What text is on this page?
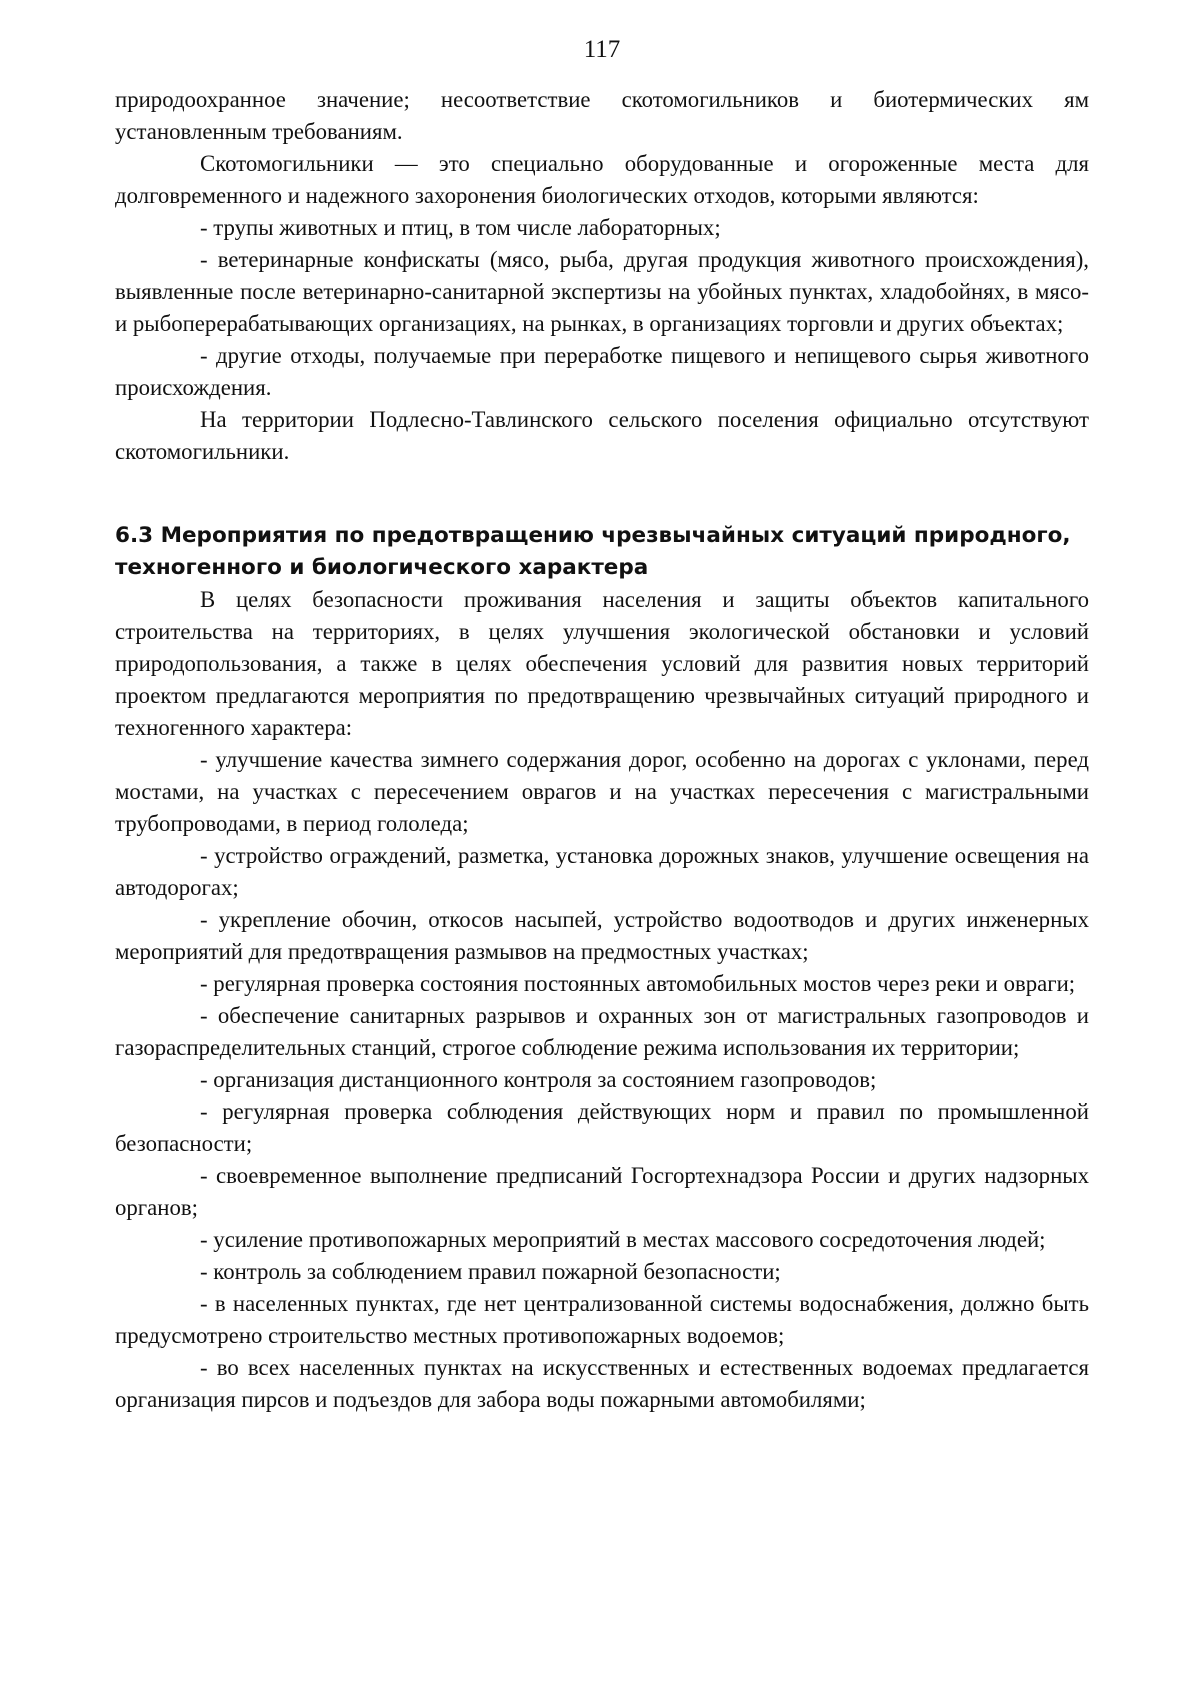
117

природоохранное значение; несоответствие скотомогильников и биотермических ям установленным требованиям.

Скотомогильники — это специально оборудованные и огороженные места для долговременного и надежного захоронения биологических отходов, которыми являются:

- трупы животных и птиц, в том числе лабораторных;

- ветеринарные конфискаты (мясо, рыба, другая продукция животного происхождения), выявленные после ветеринарно-санитарной экспертизы на убойных пунктах, хладобойнях, в мясо- и рыбоперерабатывающих организациях, на рынках, в организациях торговли и других объектах;

- другие отходы, получаемые при переработке пищевого и непищевого сырья животного происхождения.

На территории Подлесно-Тавлинского сельского поселения официально отсутствуют скотомогильники.

6.3 Мероприятия по предотвращению чрезвычайных ситуаций природного, техногенного и биологического характера

В целях безопасности проживания населения и защиты объектов капитального строительства на территориях, в целях улучшения экологической обстановки и условий природопользования, а также в целях обеспечения условий для развития новых территорий проектом предлагаются мероприятия по предотвращению чрезвычайных ситуаций природного и техногенного характера:

- улучшение качества зимнего содержания дорог, особенно на дорогах с уклонами, перед мостами, на участках с пересечением оврагов и на участках пересечения с магистральными трубопроводами, в период гололеда;

- устройство ограждений, разметка, установка дорожных знаков, улучшение освещения на автодорогах;

- укрепление обочин, откосов насыпей, устройство водоотводов и других инженерных мероприятий для предотвращения размывов на предмостных участках;

- регулярная проверка состояния постоянных автомобильных мостов через реки и овраги;

- обеспечение санитарных разрывов и охранных зон от магистральных газопроводов и газораспределительных станций, строгое соблюдение режима использования их территории;

- организация дистанционного контроля за состоянием газопроводов;

- регулярная проверка соблюдения действующих норм и правил по промышленной безопасности;

- своевременное выполнение предписаний Госгортехнадзора России и других надзорных органов;

- усиление противопожарных мероприятий в местах массового сосредоточения людей;

- контроль за соблюдением правил пожарной безопасности;

- в населенных пунктах, где нет централизованной системы водоснабжения, должно быть предусмотрено строительство местных противопожарных водоемов;

- во всех населенных пунктах на искусственных и естественных водоемах предлагается организация пирсов и подъездов для забора воды пожарными автомобилями;
